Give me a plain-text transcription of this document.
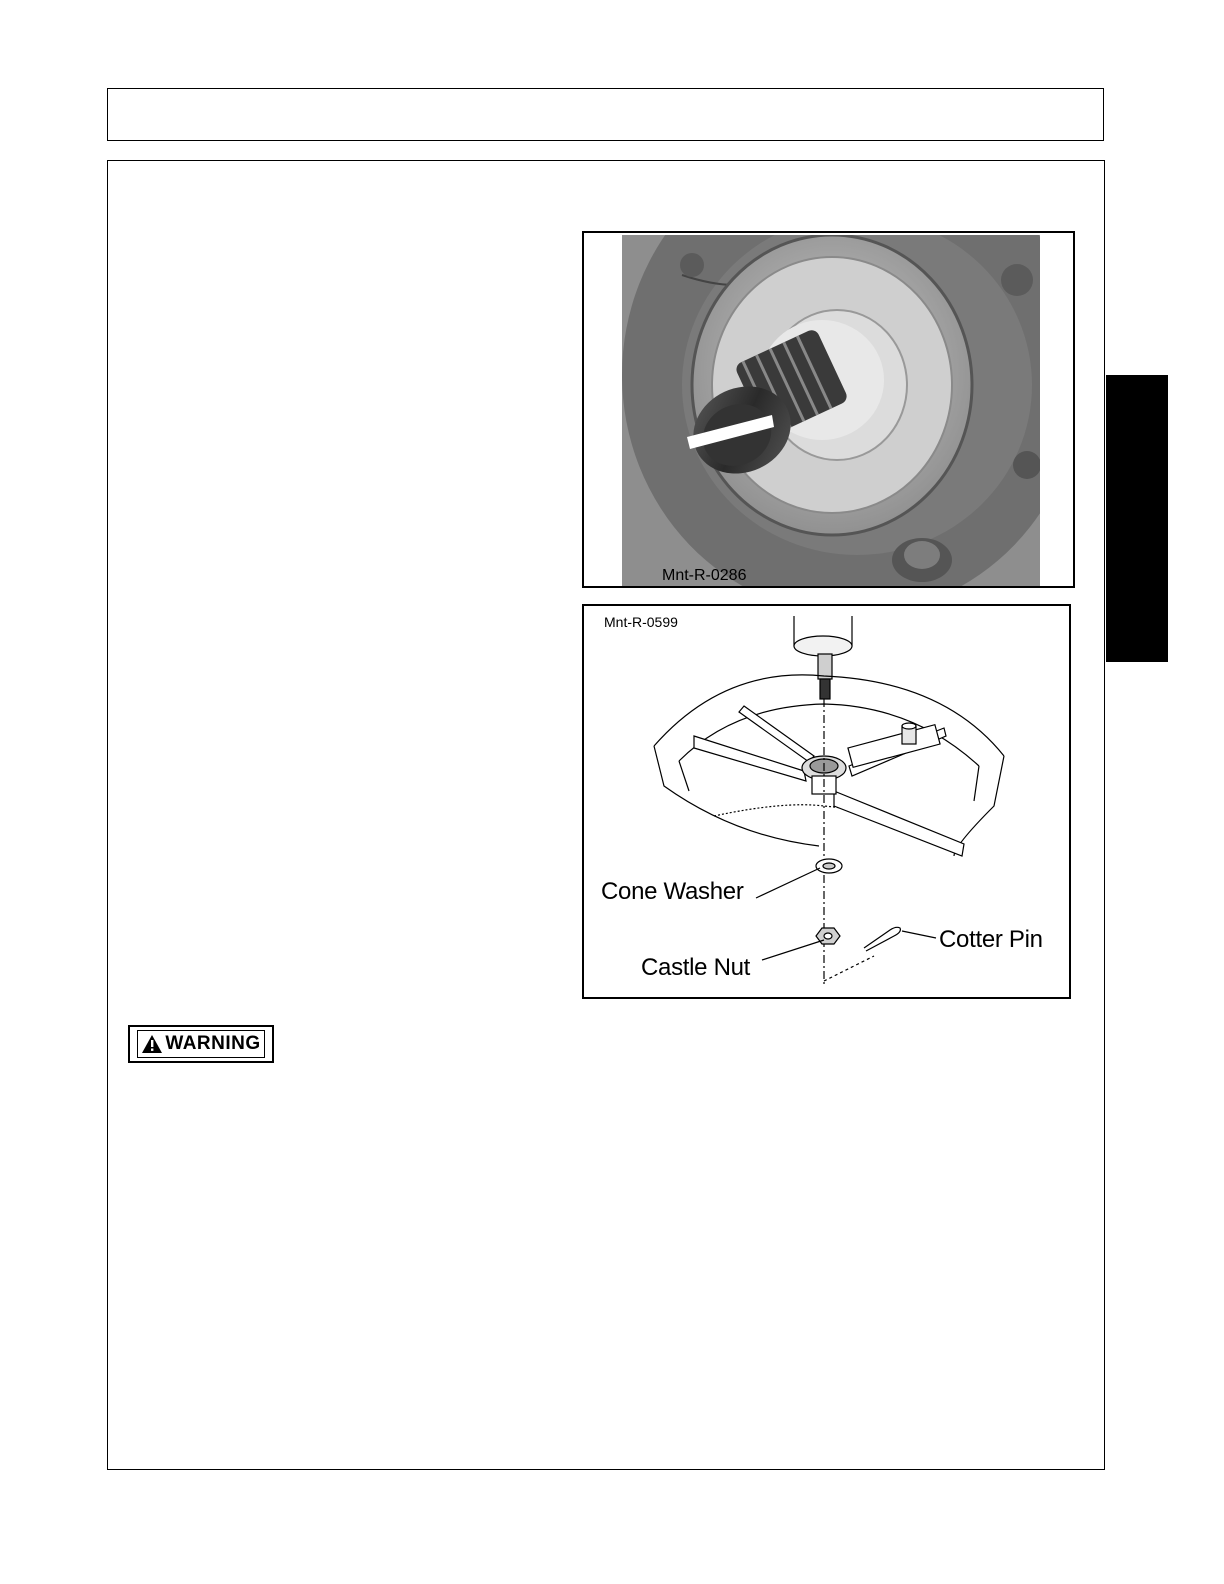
Mnt-R-0286
Mnt-R-0599
Cone Washer
Castle Nut
Cotter Pin
WARNING
